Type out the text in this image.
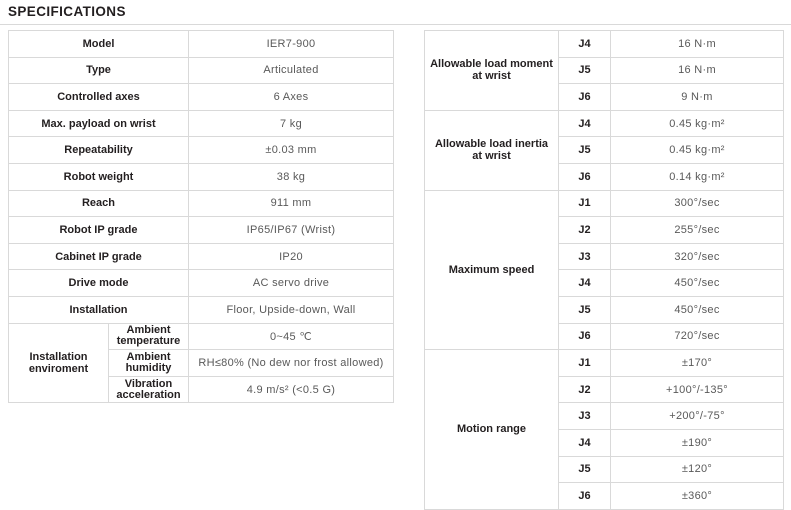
SPECIFICATIONS
Model		IER7-900
Type		Articulated
Controlled axes		6 Axes
Max. payload on wrist		7 kg
Repeatability		±0.03 mm
Robot weight		38 kg
Reach		911 mm
Robot IP grade		IP65/IP67 (Wrist)
Cabinet IP grade		IP20
Drive mode		AC servo drive
Installation		Floor, Upside-down, Wall
Installation enviroment	Ambient temperature	0~45 ℃
	Ambient humidity	RH≤80% (No dew nor frost allowed)
	Vibration acceleration	4.9 m/s² (<0.5 G)
Allowable load moment at wrist	J4	16 N·m
	J5	16 N·m
	J6	9 N·m
Allowable load inertia at wrist	J4	0.45 kg·m²
	J5	0.45 kg·m²
	J6	0.14 kg·m²
Maximum speed	J1	300°/sec
	J2	255°/sec
	J3	320°/sec
	J4	450°/sec
	J5	450°/sec
	J6	720°/sec
Motion range	J1	±170°
	J2	+100°/-135°
	J3	+200°/-75°
	J4	±190°
	J5	±120°
	J6	±360°
